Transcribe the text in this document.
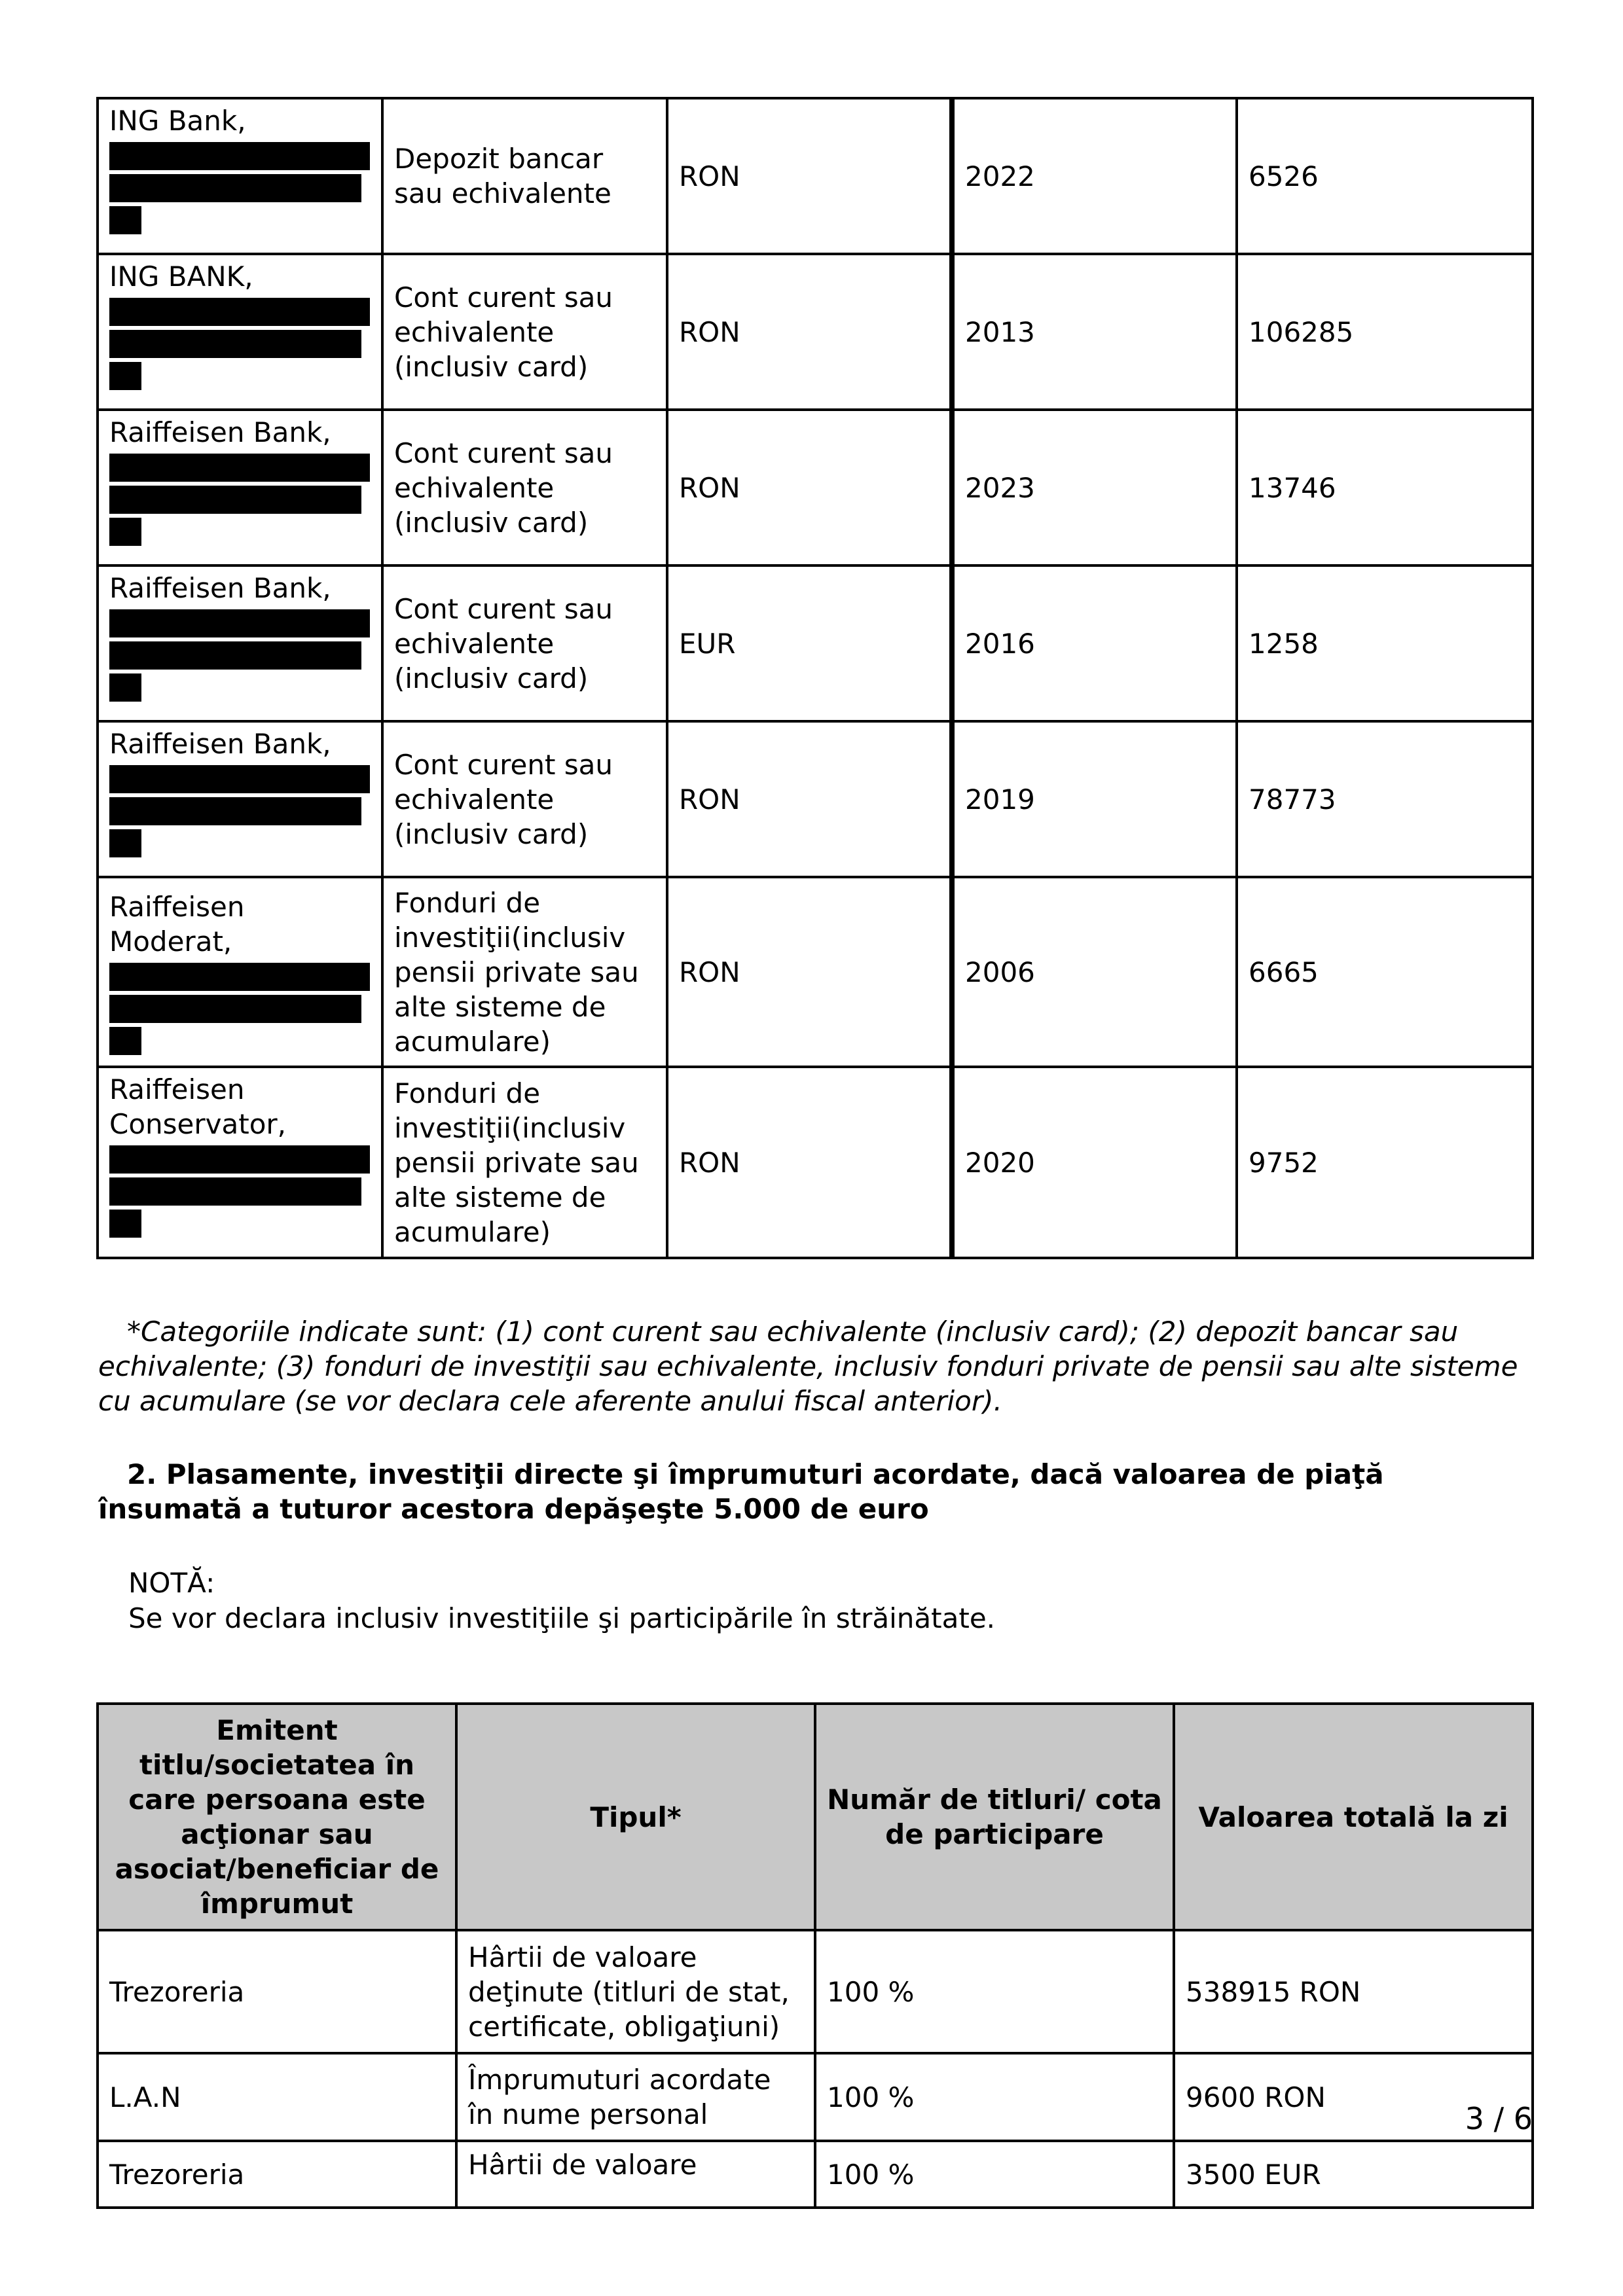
ING Bank,	Depozit bancar sau echivalente	RON	2022	6526

ING BANK,	Cont curent sau echivalente (inclusiv card)	RON	2013	106285

Raiffeisen Bank,	Cont curent sau echivalente (inclusiv card)	RON	2023	13746

Raiffeisen Bank,	Cont curent sau echivalente (inclusiv card)	EUR	2016	1258

Raiffeisen Bank,	Cont curent sau echivalente (inclusiv card)	RON	2019	78773

Raiffeisen Moderat,	Fonduri de investiţii(inclusiv pensii private sau alte sisteme de acumulare)	RON	2006	6665

Raiffeisen Conservator,	Fonduri de investiţii(inclusiv pensii private sau alte sisteme de acumulare)	RON	2020	9752
*Categoriile indicate sunt: (1) cont curent sau echivalente (inclusiv card); (2) depozit bancar sau echivalente; (3) fonduri de investiţii sau echivalente, inclusiv fonduri private de pensii sau alte sisteme cu acumulare (se vor declara cele aferente anului fiscal anterior).
2. Plasamente, investiţii directe şi împrumuturi acordate, dacă valoarea de piaţă însumată a tuturor acestora depăşeşte 5.000 de euro
NOTĂ:
Se vor declara inclusiv investiţiile şi participările în străinătate.
Emitent titlu/societatea în care persoana este acţionar sau asociat/beneficiar de împrumut	Tipul*	Număr de titluri/ cota de participare	Valoarea totală la zi
Trezoreria	Hârtii de valoare deţinute (titluri de stat, certificate, obligaţiuni)	100 %	538915 RON
L.A.N	Împrumuturi acordate în nume personal	100 %	9600 RON
Trezoreria	Hârtii de valoare	100 %	3500 EUR
3 / 6
